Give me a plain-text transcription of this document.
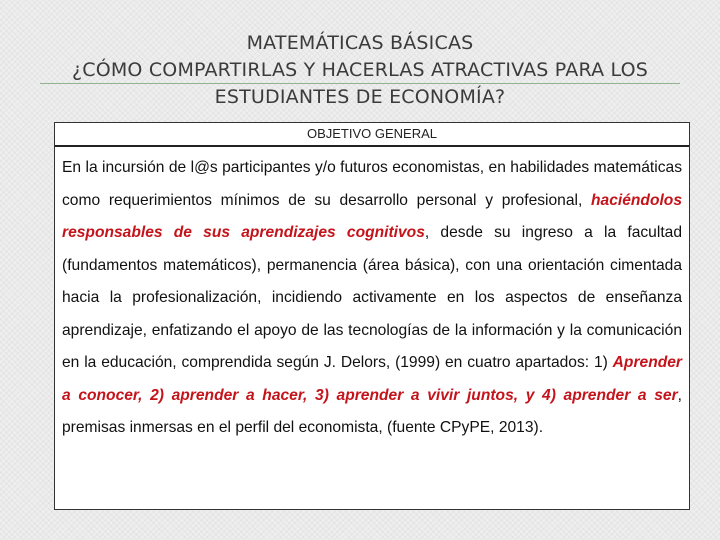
MATEMÁTICAS BÁSICAS
¿CÓMO COMPARTIRLAS Y HACERLAS ATRACTIVAS PARA LOS
ESTUDIANTES DE ECONOMÍA?
OBJETIVO GENERAL
En la incursión de l@s participantes y/o futuros economistas, en habilidades matemáticas como requerimientos mínimos de su desarrollo personal y profesional, haciéndolos responsables de sus aprendizajes cognitivos, desde su ingreso a la facultad (fundamentos matemáticos), permanencia (área básica), con una orientación cimentada hacia la profesionalización, incidiendo activamente en los aspectos de enseñanza aprendizaje, enfatizando el apoyo de las tecnologías de la información y la comunicación en la educación, comprendida según J. Delors, (1999) en cuatro apartados: 1) Aprender a conocer, 2) aprender a hacer, 3) aprender a vivir juntos, y 4) aprender a ser, premisas inmersas en el perfil del economista, (fuente CPyPE, 2013).
